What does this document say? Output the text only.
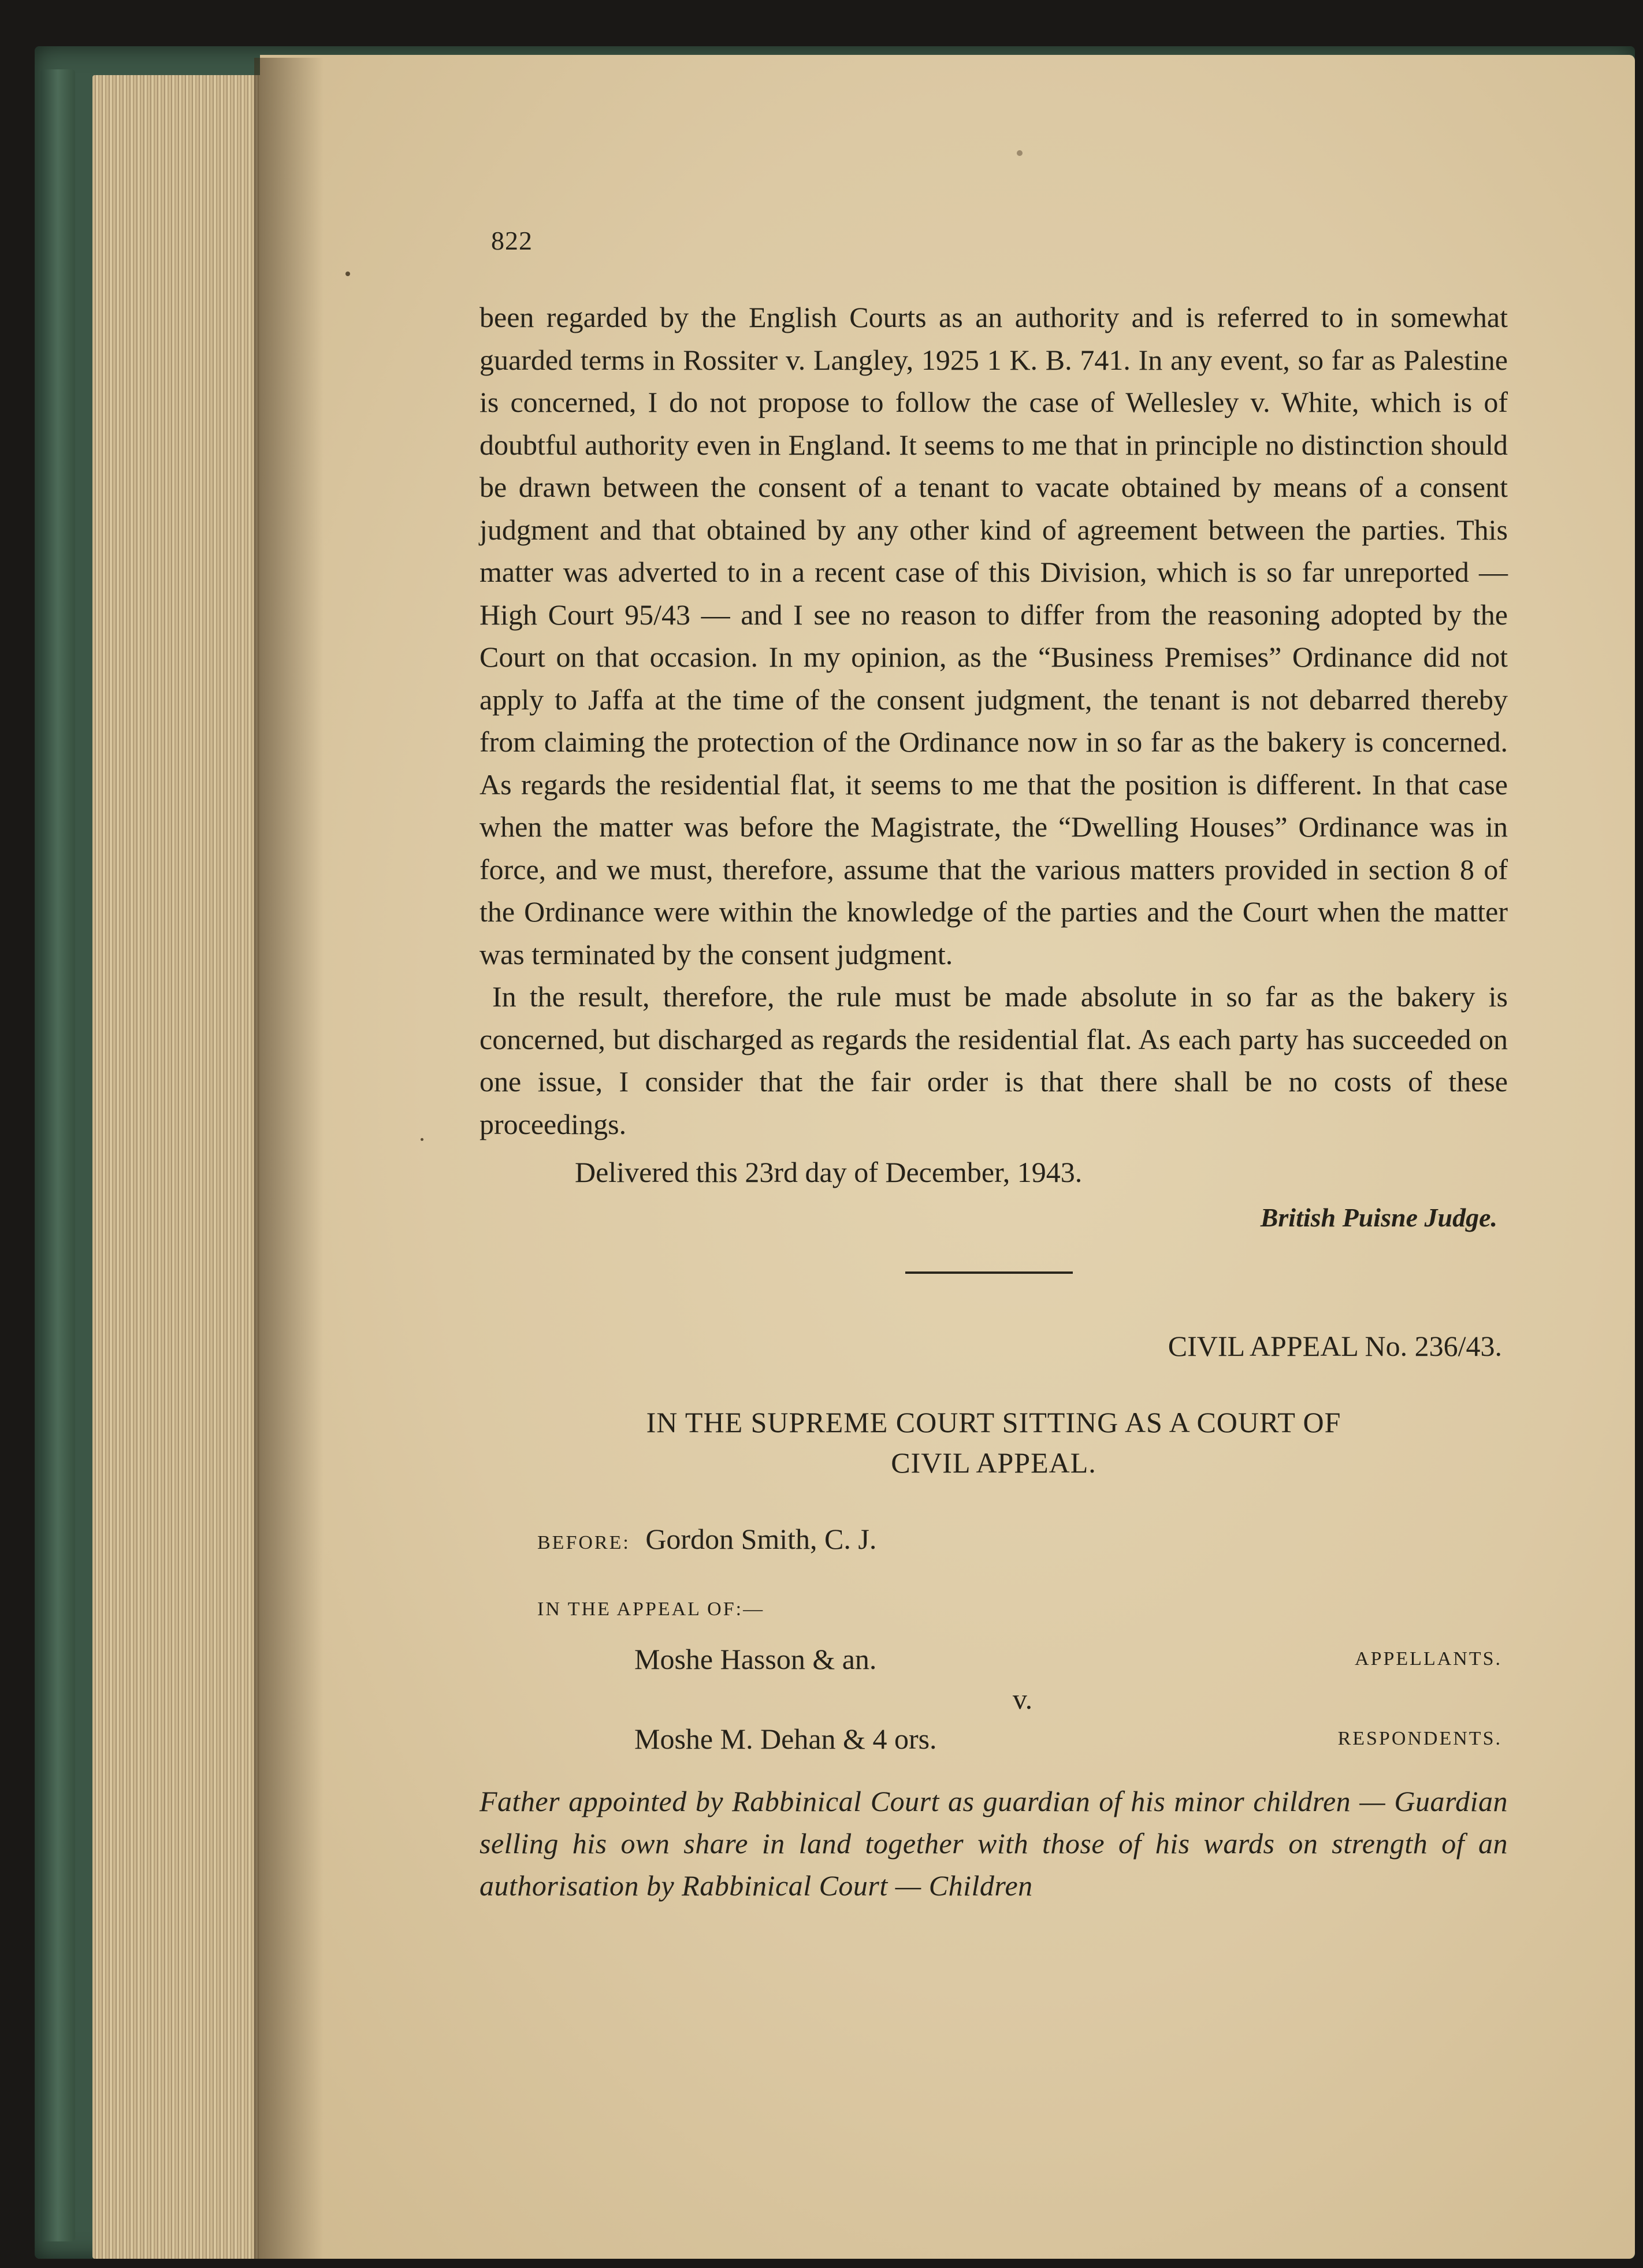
822

been regarded by the English Courts as an authority and is referred to in somewhat guarded terms in Rossiter v. Langley, 1925 1 K. B. 741. In any event, so far as Palestine is concerned, I do not propose to follow the case of Wellesley v. White, which is of doubtful authority even in England. It seems to me that in principle no distinction should be drawn between the consent of a tenant to vacate obtained by means of a consent judgment and that obtained by any other kind of agreement between the parties. This matter was adverted to in a recent case of this Division, which is so far unreported — High Court 95/43 — and I see no reason to differ from the reasoning adopted by the Court on that occasion. In my opinion, as the “Business Premises” Ordinance did not apply to Jaffa at the time of the consent judgment, the tenant is not debarred thereby from claiming the protection of the Ordinance now in so far as the bakery is concerned. As regards the residential flat, it seems to me that the position is different. In that case when the matter was before the Magistrate, the “Dwelling Houses” Ordinance was in force, and we must, therefore, assume that the various matters provided in section 8 of the Ordinance were within the knowledge of the parties and the Court when the matter was terminated by the consent judgment.

In the result, therefore, the rule must be made absolute in so far as the bakery is concerned, but discharged as regards the residential flat. As each party has succeeded on one issue, I consider that the fair order is that there shall be no costs of these proceedings.

Delivered this 23rd day of December, 1943.
British Puisne Judge.
CIVIL APPEAL No. 236/43.
IN THE SUPREME COURT SITTING AS A COURT OF
CIVIL APPEAL.
BEFORE: Gordon Smith, C. J.
IN THE APPEAL OF:—
Moshe Hasson & an.	APPELLANTS.
v.
Moshe M. Dehan & 4 ors.	RESPONDENTS.
Father appointed by Rabbinical Court as guardian of his minor children — Guardian selling his own share in land together with those of his wards on strength of an authorisation by Rabbinical Court — Children
